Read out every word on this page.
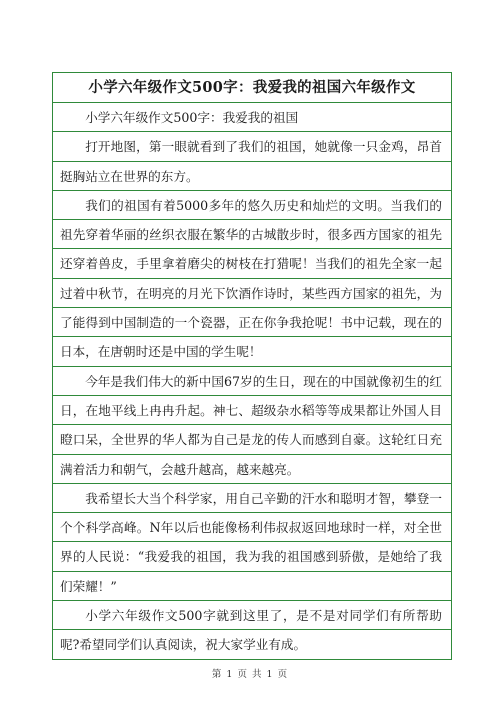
小学六年级作文500字：我爱我的祖国六年级作文

小学六年级作文500字：我爱我的祖国

打开地图，第一眼就看到了我们的祖国，她就像一只金鸡，昂首挺胸站立在世界的东方。

我们的祖国有着5000多年的悠久历史和灿烂的文明。当我们的祖先穿着华丽的丝织衣服在繁华的古城散步时，很多西方国家的祖先还穿着兽皮，手里拿着磨尖的树枝在打猎呢！当我们的祖先全家一起过着中秋节，在明亮的月光下饮酒作诗时，某些西方国家的祖先，为了能得到中国制造的一个瓷器，正在你争我抢呢！书中记载，现在的日本，在唐朝时还是中国的学生呢！

今年是我们伟大的新中国67岁的生日，现在的中国就像初生的红日，在地平线上冉冉升起。神七、超级杂水稻等等成果都让外国人目瞪口呆，全世界的华人都为自己是龙的传人而感到自豪。这轮红日充满着活力和朝气，会越升越高，越来越亮。

我希望长大当个科学家，用自己辛勤的汗水和聪明才智，攀登一个个科学高峰。N年以后也能像杨利伟叔叔返回地球时一样，对全世界的人民说：“我爱我的祖国，我为我的祖国感到骄傲，是她给了我们荣耀！”

小学六年级作文500字就到这里了，是不是对同学们有所帮助呢?希望同学们认真阅读，祝大家学业有成。

第 1 页 共 1 页
